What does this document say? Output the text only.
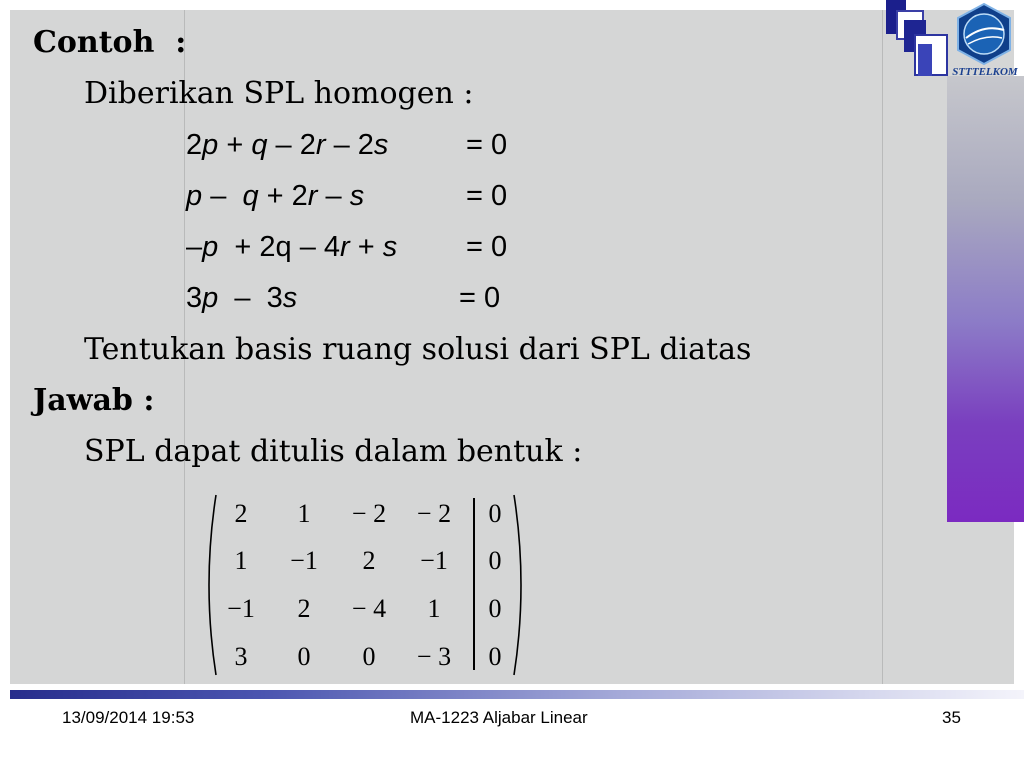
STTTELKOM
Contoh  :
Diberikan SPL homogen :
2p + q – 2r – 2s	= 0
p –  q + 2r – s	= 0
–p  + 2q – 4r + s = 0
3p  –  3s	= 0
Tentukan basis ruang solusi dari SPL diatas
Jawab :
SPL dapat ditulis dalam bentuk :
2	1	− 2	− 2	0
1	−1	2	−1	0
−1	2	− 4	1	0
3	0	0	− 3	0
13/09/2014 19:53	MA-1223 Aljabar Linear	35
